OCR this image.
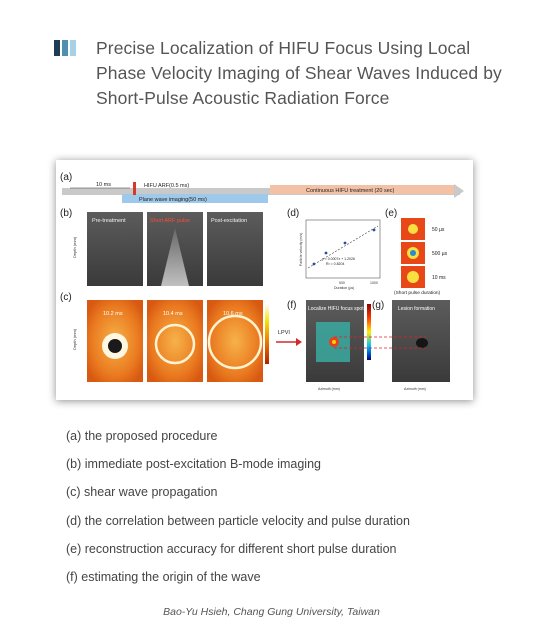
Precise Localization of HIFU Focus Using Local Phase Velocity Imaging of Shear Waves Induced by Short-Pulse Acoustic Radiation Force
(a)
10 ms	HIFU ARF(0.5 ms)
Plane wave imaging(50 ms)
Continuous HIFU treatment (20 sec)
(b)
Depth (mm)
Pre-treatment	Short ARF pulse	Post-excitation
(c)
Depth (mm)
10.2 ms	10.4 ms	10.6 ms
(d)
y = 0.0007x + 1.2026
R² = 0.8204
500	1000
Duration (µs)
Particle velocity (m/s)
(e)
50 µs
500 µs
10 ms
(Short pulse duration)
LPVI
(f) Localize HIFU focus spot
Azimuth (mm)
(g)	Lesion formation
Azimuth (mm)
(a) the proposed procedure
(b) immediate post-excitation B-mode imaging
(c) shear wave propagation
(d) the correlation between particle velocity and pulse duration
(e) reconstruction accuracy for different short pulse duration
(f) estimating the origin of the wave
Bao-Yu Hsieh, Chang Gung University, Taiwan
